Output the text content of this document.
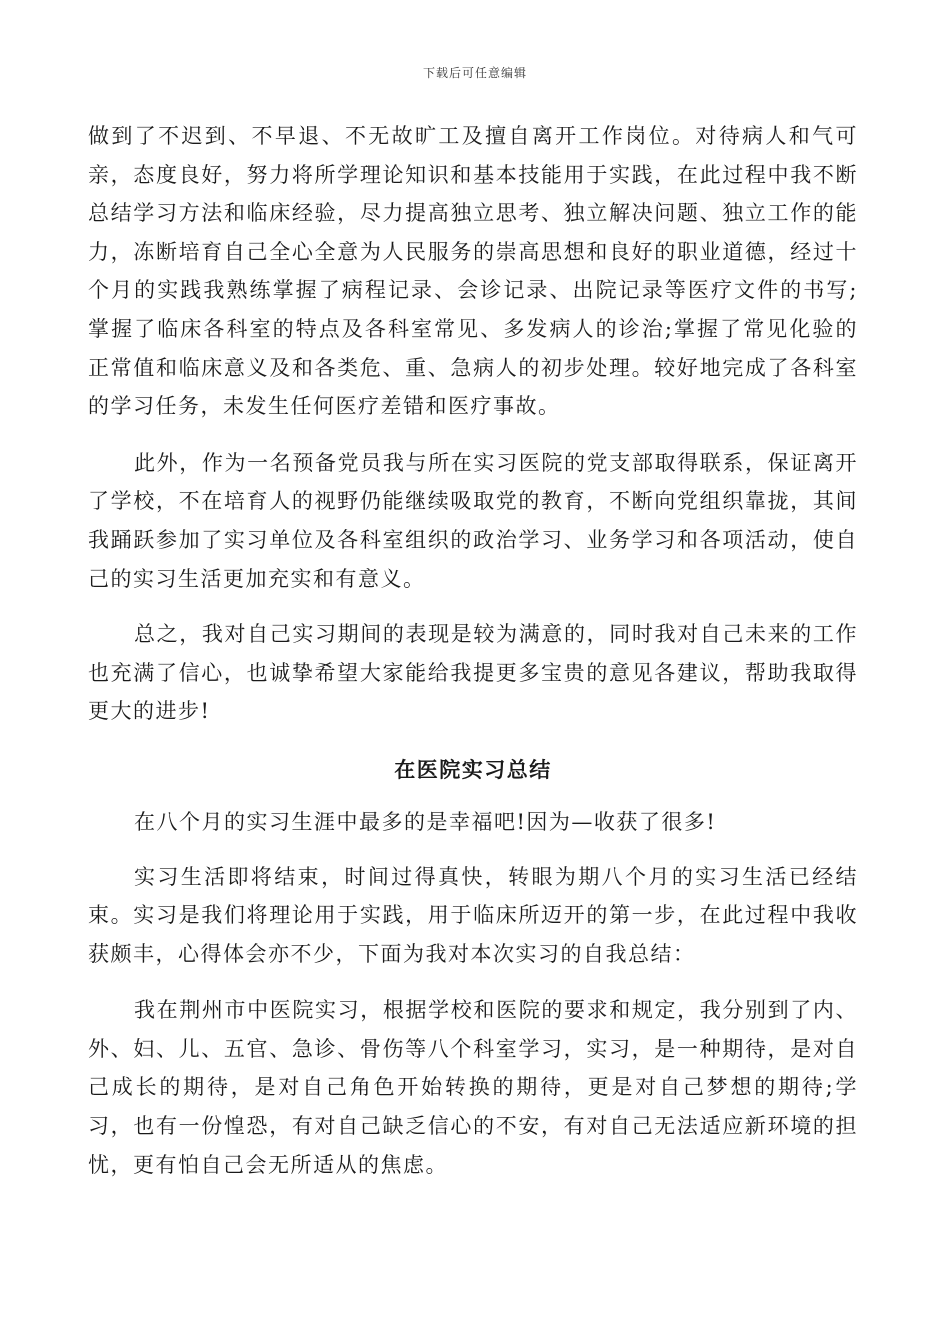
下载后可任意编辑

做到了不迟到、不早退、不无故旷工及擅自离开工作岗位。对待病人和气可亲，态度良好，努力将所学理论知识和基本技能用于实践，在此过程中我不断总结学习方法和临床经验，尽力提高独立思考、独立解决问题、独立工作的能力，冻断培育自己全心全意为人民服务的崇高思想和良好的职业道德，经过十个月的实践我熟练掌握了病程记录、会诊记录、出院记录等医疗文件的书写;掌握了临床各科室的特点及各科室常见、多发病人的诊治;掌握了常见化验的正常值和临床意义及和各类危、重、急病人的初步处理。较好地完成了各科室的学习任务，未发生任何医疗差错和医疗事故。

此外，作为一名预备党员我与所在实习医院的党支部取得联系，保证离开了学校，不在培育人的视野仍能继续吸取党的教育，不断向党组织靠拢，其间我踊跃参加了实习单位及各科室组织的政治学习、业务学习和各项活动，使自己的实习生活更加充实和有意义。

总之，我对自己实习期间的表现是较为满意的，同时我对自己未来的工作也充满了信心，也诚挚希望大家能给我提更多宝贵的意见各建议，帮助我取得更大的进步!

在医院实习总结

在八个月的实习生涯中最多的是幸福吧!因为—收获了很多!

实习生活即将结束，时间过得真快，转眼为期八个月的实习生活已经结束。实习是我们将理论用于实践，用于临床所迈开的第一步，在此过程中我收获颇丰，心得体会亦不少，下面为我对本次实习的自我总结：

我在荆州市中医院实习，根据学校和医院的要求和规定，我分别到了内、外、妇、儿、五官、急诊、骨伤等八个科室学习，实习，是一种期待，是对自己成长的期待，是对自己角色开始转换的期待，更是对自己梦想的期待;学习，也有一份惶恐，有对自己缺乏信心的不安，有对自己无法适应新环境的担忧，更有怕自己会无所适从的焦虑。
